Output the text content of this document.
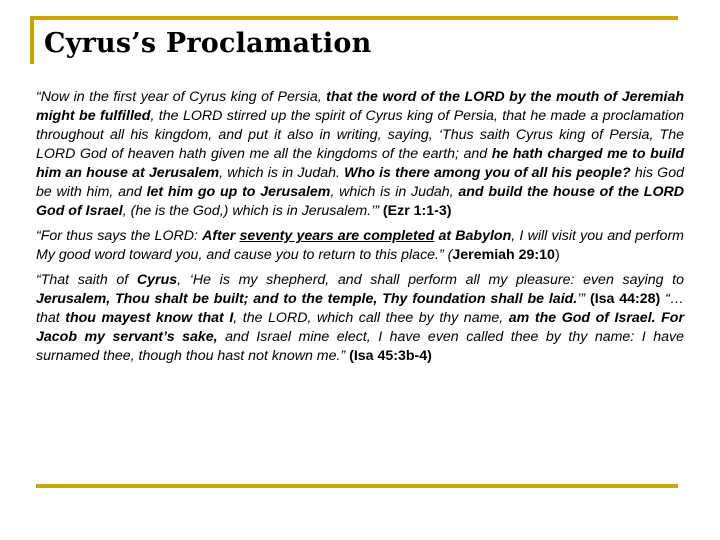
Cyrus’s Proclamation

“Now in the first year of Cyrus king of Persia, that the word of the LORD by the mouth of Jeremiah might be fulfilled, the LORD stirred up the spirit of Cyrus king of Persia, that he made a proclamation throughout all his kingdom, and put it also in writing, saying, ‘Thus saith Cyrus king of Persia, The LORD God of heaven hath given me all the kingdoms of the earth; and he hath charged me to build him an house at Jerusalem, which is in Judah. Who is there among you of all his people? his God be with him, and let him go up to Jerusalem, which is in Judah, and build the house of the LORD God of Israel, (he is the God,) which is in Jerusalem.’” (Ezr 1:1-3)

“For thus says the LORD: After seventy years are completed at Babylon, I will visit you and perform My good word toward you, and cause you to return to this place.” (Jeremiah 29:10)

“That saith of Cyrus, ‘He is my shepherd, and shall perform all my pleasure: even saying to Jerusalem, Thou shalt be built; and to the temple, Thy foundation shall be laid.’” (Isa 44:28) “…that thou mayest know that I, the LORD, which call thee by thy name, am the God of Israel. For Jacob my servant’s sake, and Israel mine elect, I have even called thee by thy name: I have surnamed thee, though thou hast not known me.” (Isa 45:3b-4)
